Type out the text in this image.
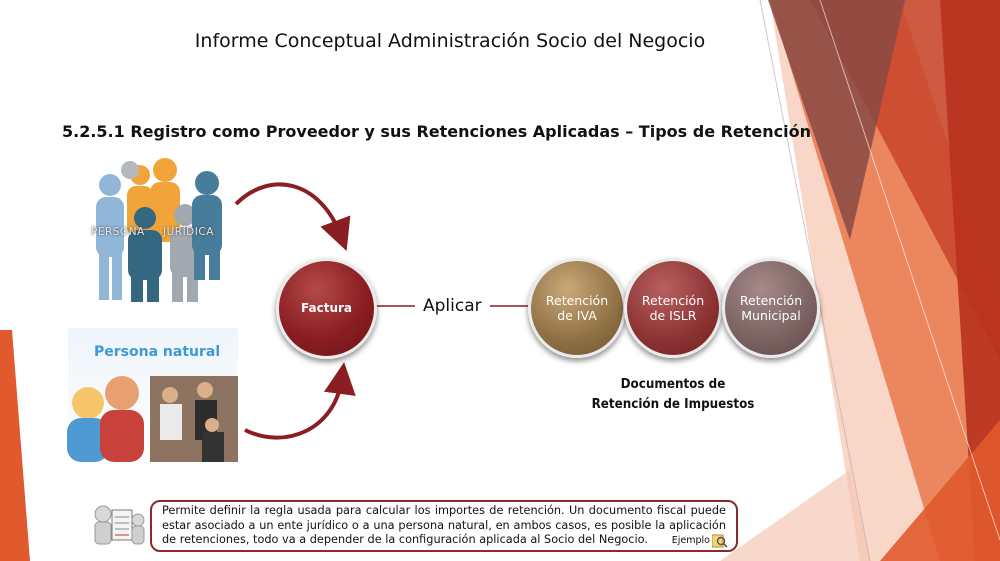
Informe Conceptual Administración Socio del Negocio
5.2.5.1 Registro como Proveedor y sus Retenciones Aplicadas – Tipos de Retención
PERSONA JURÍDICA
Persona natural
Factura	Aplicar	Retención
de IVA
Retención
de ISLR
Retención
Municipal
Documentos de
Retención de Impuestos
Permite definir la regla usada para calcular los importes de retención. Un documento fiscal puede estar asociado a un ente jurídico o a una persona natural, en ambos casos, es posible la aplicación de retenciones, todo va a depender de la configuración aplicada al Socio del Negocio.	Ejemplo
